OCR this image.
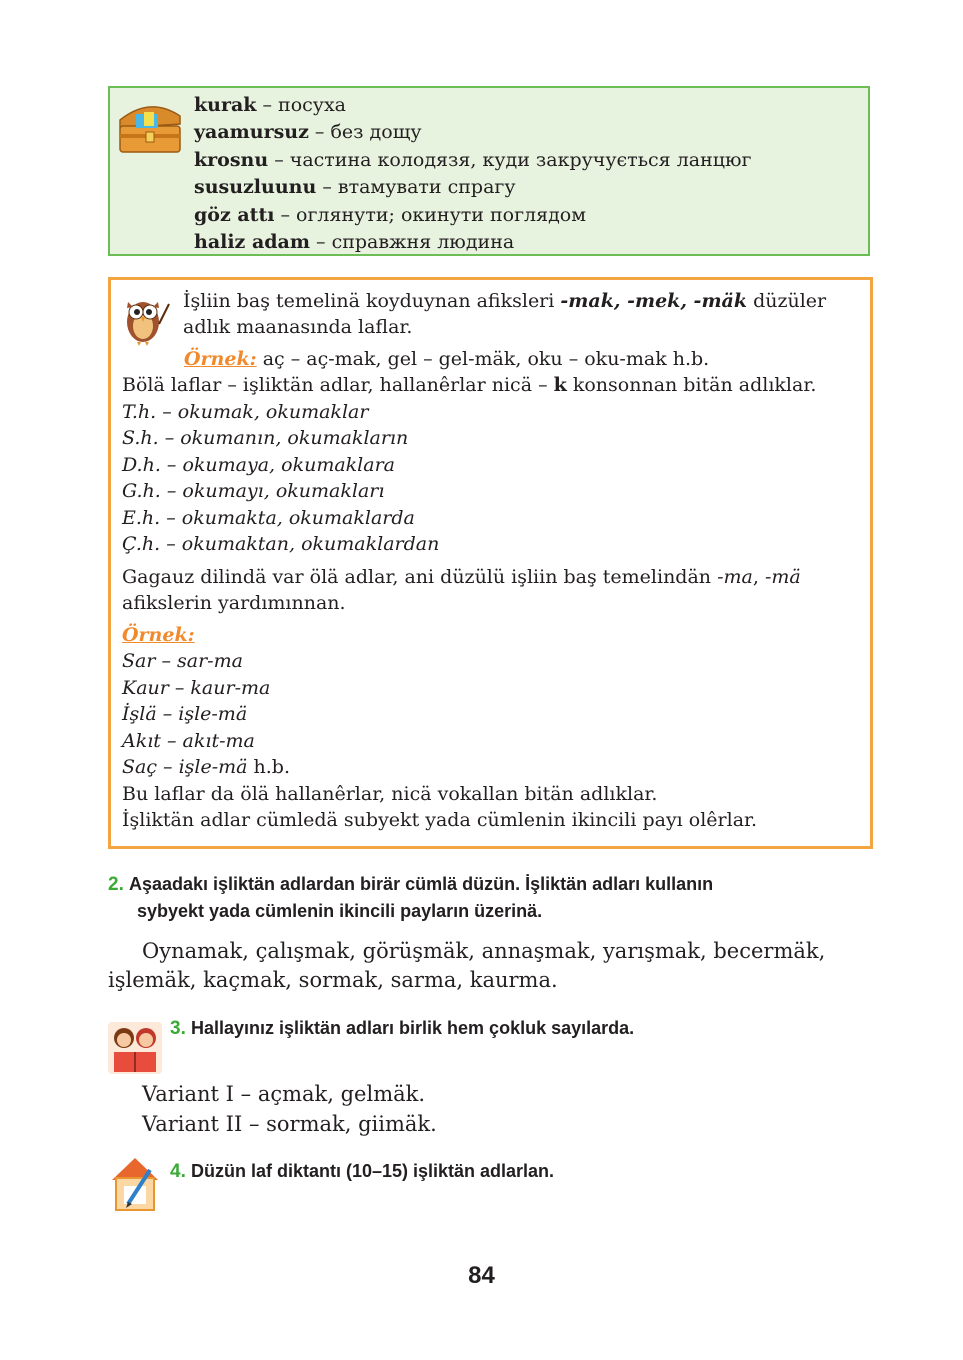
kurak – посуха
yaamursuz – без дощу
krosnu – частина колодязя, куди закручується ланцюг
susuzluunu – втамувати спрагу
göz attı – оглянути; окинути поглядом
haliz adam – справжня людина
İşliin baş temelinä koyduynan afiksleri -mak, -mek, -mäk düzüler
adlık maanasında laflar.
Örnek: aç – aç-mak, gel – gel-mäk, oku – oku-mak h.b.
Bölä laflar – işliktän adlar, hallanêrlar nicä – k konsonnan bitän adlıklar.
T.h. – okumak, okumaklar
S.h. – okumanın, okumakların
D.h. – okumaya, okumaklara
G.h. – okumayı, okumakları
E.h. – okumakta, okumaklarda
Ç.h. – okumaktan, okumaklardan
Gagauz dilindä var ölä adlar, ani düzülü işliin baş temelindän -ma, -mä
afikslerin yardımınnan.
Örnek:
Sar – sar-ma
Kaur – kaur-ma
İşlä – işle-mä
Akıt – akıt-ma
Saç – işle-mä h.b.
Bu laflar da ölä hallanêrlar, nicä vokallan bitän adlıklar.
İşliktän adlar cümledä subyekt yada cümlenin ikincili payı olêrlar.
2. Aşaadakı işliktän adlardan birär cümlä düzün. İşliktän adları kullanın
sybyekt yada cümlenin ikincili payların üzerinä.
Oynamak, çalışmak, görüşmäk, annaşmak, yarışmak, becermäk,
işlemäk, kaçmak, sormak, sarma, kaurma.
3. Hallayınız işliktän adları birlik hem çokluk sayılarda.
Variant I – açmak, gelmäk.
Variant II – sormak, giimäk.
4. Düzün laf diktantı (10–15) işliktän adlarlan.
84
